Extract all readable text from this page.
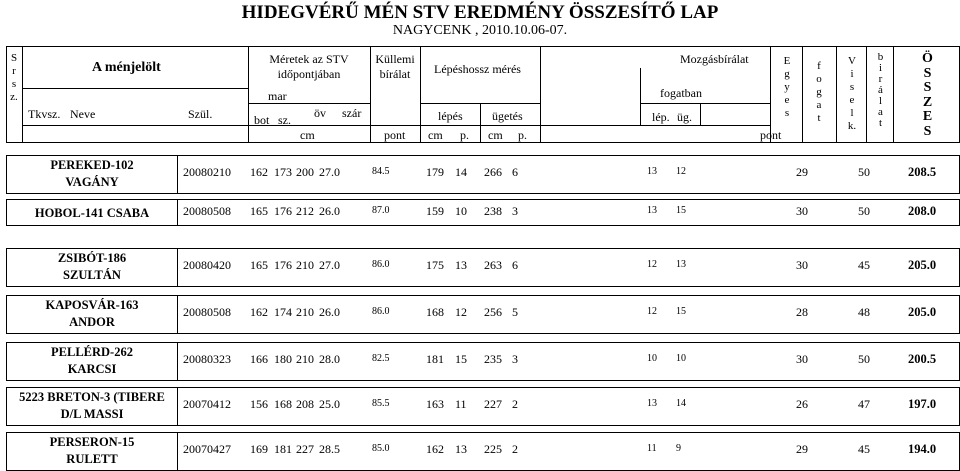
HIDEGVÉRŰ MÉN STV EREDMÉNY ÖSSZESÍTŐ LAP
NAGYCENK , 2010.10.06-07.
S
r
s
z.
A ménjelölt
Tkvsz. Neve	Szül.
Méretek az STV
időpontjában
mar
bot sz. öv szár
cm
Küllemi
bírálat
pont
Lépéshossz mérés
lépés ügetés
cm p. cm p.
Mozgásbírálat
fogatban
lép. üg.
pont
E
g
y
e
s
f
o
g
a
t
V
i
s
e
l
k.
b
i
r
á
l
a
t
Ö
S
S
Z
E
S
PEREKED-102
VAGÁNY
20080210 162 173 200 27.0	84.5	179 14 266 6	13 12	29	50	208.5
HOBOL-141 CSABA	20080508 165 176 212 26.0	87.0	159 10 238 3	13 15	30	50	208.0
ZSIBÓT-186
SZULTÁN
20080420 165 176 210 27.0	86.0	175 13 263 6	12 13	30	45	205.0
KAPOSVÁR-163
ANDOR
20080508 162 174 210 26.0	86.0	168 12 256 5	12 15	28	48	205.0
PELLÉRD-262
KARCSI
20080323 166 180 210 28.0	82.5	181 15 235 3	10 10	30	50	200.5
5223 BRETON-3 (TIBERE
D/L MASSI
20070412 156 168 208 25.0	85.5	163 11 227 2	13 14	26	47	197.0
PERSERON-15
RULETT
20070427 169 181 227 28.5	85.0	162 13 225 2	11 9	29	45	194.0
